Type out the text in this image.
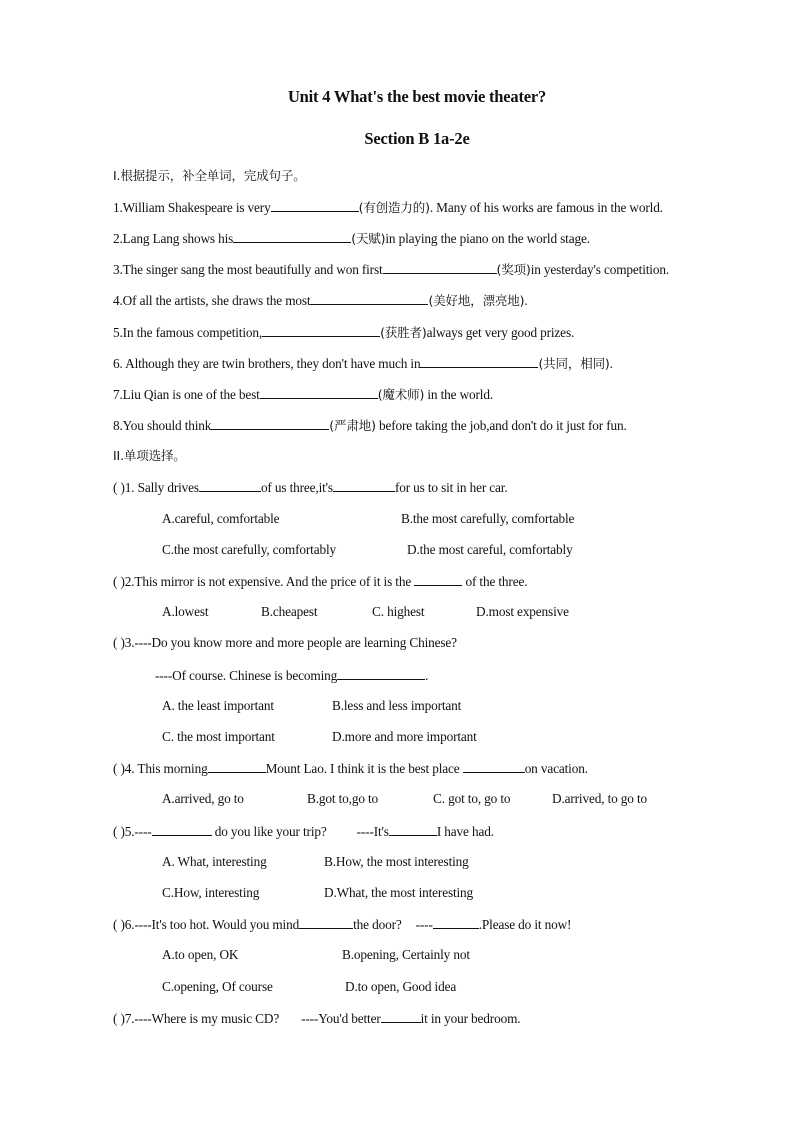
Unit 4 What's the best movie theater?
Section B 1a-2e
I.根据提示，补全单词，完成句子。
1.William Shakespeare is very	(有创造力的). Many of his works are famous in the world.
2.Lang Lang shows his	(天赋)in playing the piano on the world stage.
3.The singer sang the most beautifully and won first	(奖项)in yesterday's competition.
4.Of all the artists, she draws the most	(美好地，漂亮地).
5.In the famous competition,	(获胜者)always get very good prizes.
6. Although they are twin brothers, they don't have much in	(共同，相同).
7.Liu Qian is one of the best	(魔术师) in the world.
8.You should think	(严肃地) before taking the job,and don't do it just for fun.
II.单项选择。
( )1. Sally drives	of us three,it's	for us to sit in her car.
A.careful, comfortable	B.the most carefully, comfortable
C.the most carefully, comfortably	D.the most careful, comfortably
( )2.This mirror is not expensive. And the price of it is the	of the three.
A.lowest	B.cheapest	C. highest	D.most expensive
( )3.----Do you know more and more people are learning Chinese?
----Of course. Chinese is becoming	.
A. the least important	B.less and less important
C. the most important	D.more and more important
( )4. This morning	Mount Lao. I think it is the best place	on vacation.
A.arrived, go to	B.got to,go to	C. got to, go to	D.arrived, to go to
( )5.----	do you like your trip? ----It's	I have had.
A. What, interesting	B.How, the most interesting
C.How, interesting	D.What, the most interesting
( )6.----It's too hot. Would you mind	the door? ----	.Please do it now!
A.to open, OK	B.opening, Certainly not
C.opening, Of course	D.to open, Good idea
( )7.----Where is my music CD? ----You'd better	it in your bedroom.
